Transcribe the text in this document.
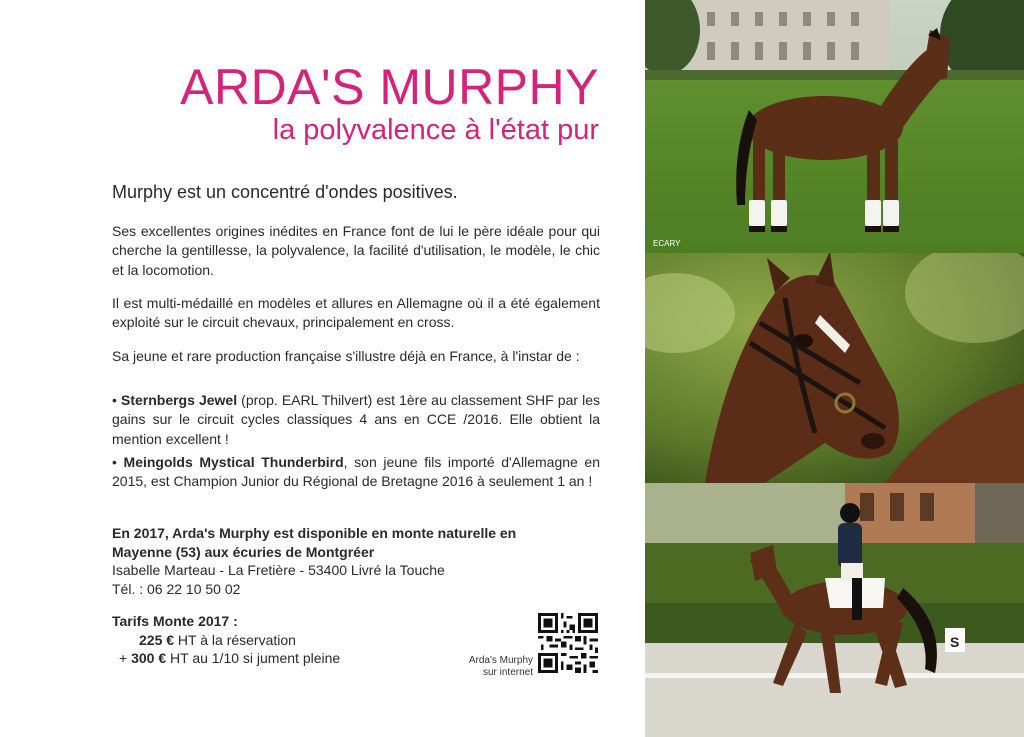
ARDA'S MURPHY
la polyvalence à l'état pur
Murphy est un concentré d'ondes positives.
Ses excellentes origines inédites en France font de lui le père idéale pour qui cherche la gentillesse, la polyvalence, la facilité d'utilisation, le modèle, le chic et la locomotion.
Il est multi-médaillé en modèles et allures en Allemagne où il a été également exploité sur le circuit chevaux, principalement en cross.
Sa jeune et rare production française s'illustre déjà en France, à l'instar de :
• Sternbergs Jewel (prop. EARL Thilvert) est 1ère au classement SHF par les gains sur le circuit cycles classiques 4 ans en CCE /2016. Elle obtient la mention excellent !
• Meingolds Mystical Thunderbird, son jeune fils importé d'Allemagne en 2015, est Champion Junior du Régional de Bretagne 2016 à seulement 1 an !
En 2017, Arda's Murphy est disponible en monte naturelle en
Mayenne (53) aux écuries de Montgréer
Isabelle Marteau - La Fretière - 53400 Livré la Touche
Tél. : 06 22 10 50 02
Tarifs Monte 2017 :
225 € HT à la réservation
+ 300 € HT au 1/10 si jument pleine	Arda's Murphy
sur internet
ECARY
S
